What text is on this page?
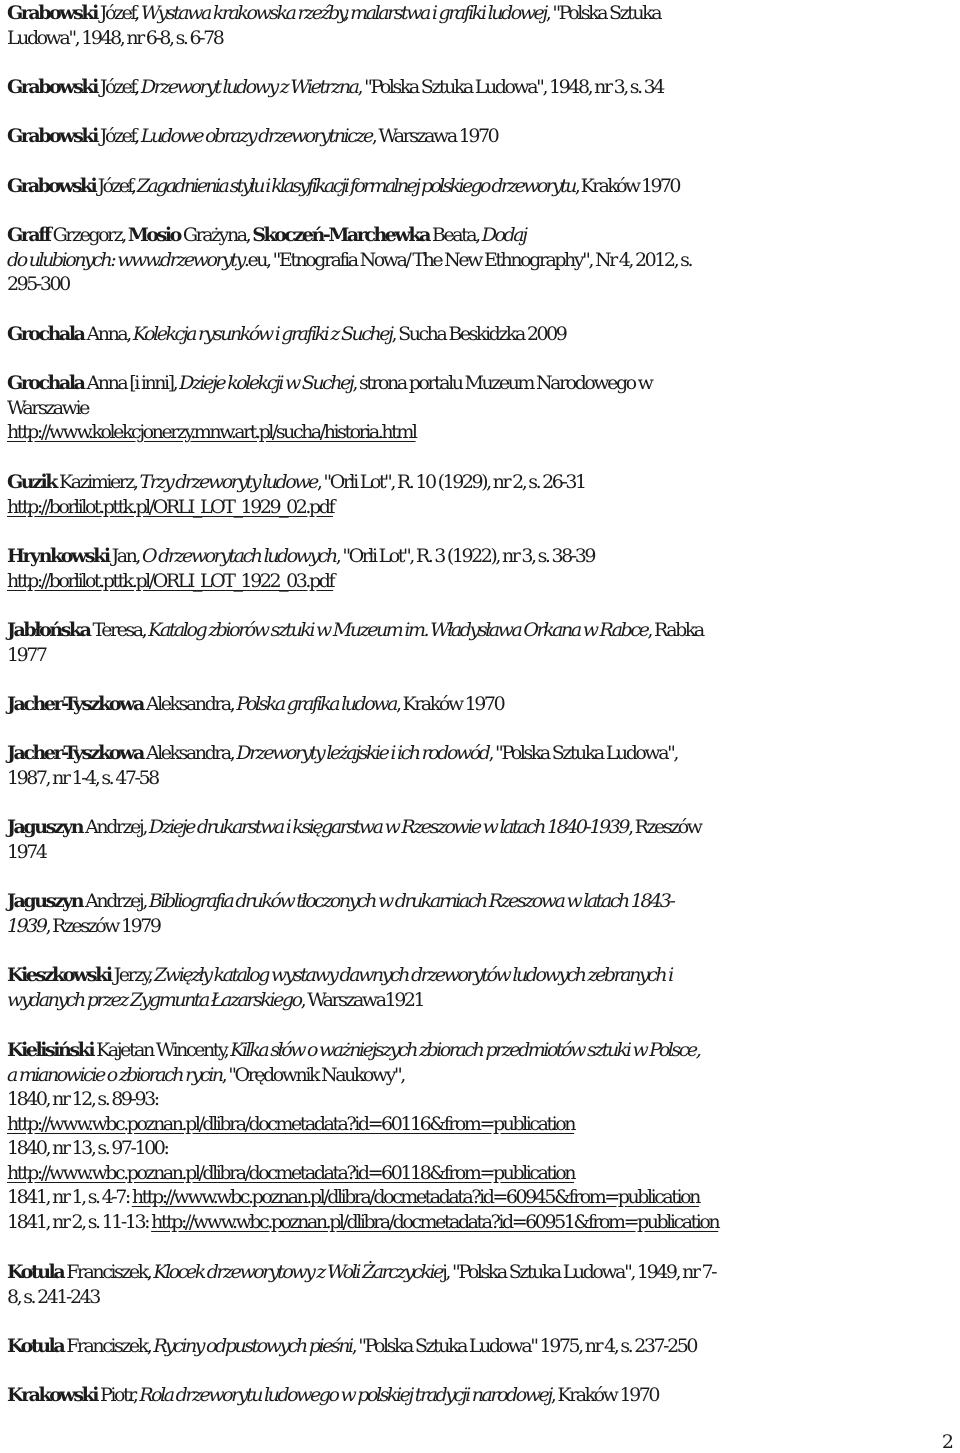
Grabowski Józef, Wystawa krakowska rzeźby, malarstwa i grafiki ludowej, "Polska Sztuka
Ludowa", 1948, nr 6-8, s. 6-78
Grabowski Józef, Drzeworyt ludowy z Wietrzna, "Polska Sztuka Ludowa", 1948, nr 3, s. 34
Grabowski Józef, Ludowe obrazy drzeworytnicze, Warszawa 1970
Grabowski Józef, Zagadnienia stylu i klasyfikacji formalnej polskiego drzeworytu, Kraków 1970
Graff Grzegorz, Mosio Grażyna, Skoczeń-Marchewka Beata, Dodaj
do ulubionych: www.drzeworyty.eu, "Etnografia Nowa/ The New Ethnography", Nr 4, 2012, s.
295-300
Grochala Anna, Kolekcja rysunków i grafiki z Suchej, Sucha Beskidzka 2009
Grochala Anna [i inni], Dzieje kolekcji w Suchej, strona portalu Muzeum Narodowego w
Warszawie
http://www.kolekcjonerzy.mnw.art.pl/sucha/historia.html
Guzik Kazimierz, Trzy drzeworyty ludowe, "Orli Lot", R. 10 (1929), nr 2, s. 26-31
http://borlilot.pttk.pl/ORLI_LOT_1929_02.pdf
Hrynkowski Jan, O drzeworytach ludowych, "Orli Lot", R. 3 (1922), nr 3, s. 38-39
http://borlilot.pttk.pl/ORLI_LOT_1922_03.pdf
Jabłońska Teresa, Katalog zbiorów sztuki w Muzeum im. Władysława Orkana w Rabce, Rabka
1977
Jacher-Tyszkowa Aleksandra, Polska grafika ludowa, Kraków 1970
Jacher-Tyszkowa Aleksandra, Drzeworyty leżajskie i ich rodowód, "Polska Sztuka Ludowa",
1987, nr 1-4, s. 47-58
Jaguszyn Andrzej, Dzieje drukarstwa i księgarstwa w Rzeszowie w latach 1840-1939, Rzeszów
1974
Jaguszyn Andrzej, Bibliografia druków tłoczonych w drukarniach Rzeszowa w latach 1843-
1939, Rzeszów 1979
Kieszkowski Jerzy, Zwięzły katalog wystawy dawnych drzeworytów ludowych zebranych i
wydanych przez Zygmunta Łazarskiego, Warszawa1921
Kielisiński Kajetan Wincenty, Kilka słów o ważniejszych zbiorach przedmiotów sztuki w Polsce,
a mianowicie o zbiorach rycin, "Orędownik Naukowy",
1840, nr 12, s. 89-93:
http://www.wbc.poznan.pl/dlibra/docmetadata?id=60116&from=publication
1840, nr 13, s. 97-100:
http://www.wbc.poznan.pl/dlibra/docmetadata?id=60118&from=publication
1841, nr 1, s. 4-7: http://www.wbc.poznan.pl/dlibra/docmetadata?id=60945&from=publication
1841, nr 2, s. 11-13: http://www.wbc.poznan.pl/dlibra/docmetadata?id=60951&from=publication
Kotula Franciszek, Klocek drzeworytowy z Woli Żarczyckiej, "Polska Sztuka Ludowa", 1949, nr 7-
8, s. 241-243
Kotula Franciszek, Ryciny odpustowych pieśni, "Polska Sztuka Ludowa" 1975, nr 4, s. 237-250
Krakowski Piotr, Rola drzeworytu ludowego w polskiej tradycji narodowej, Kraków 1970
2
